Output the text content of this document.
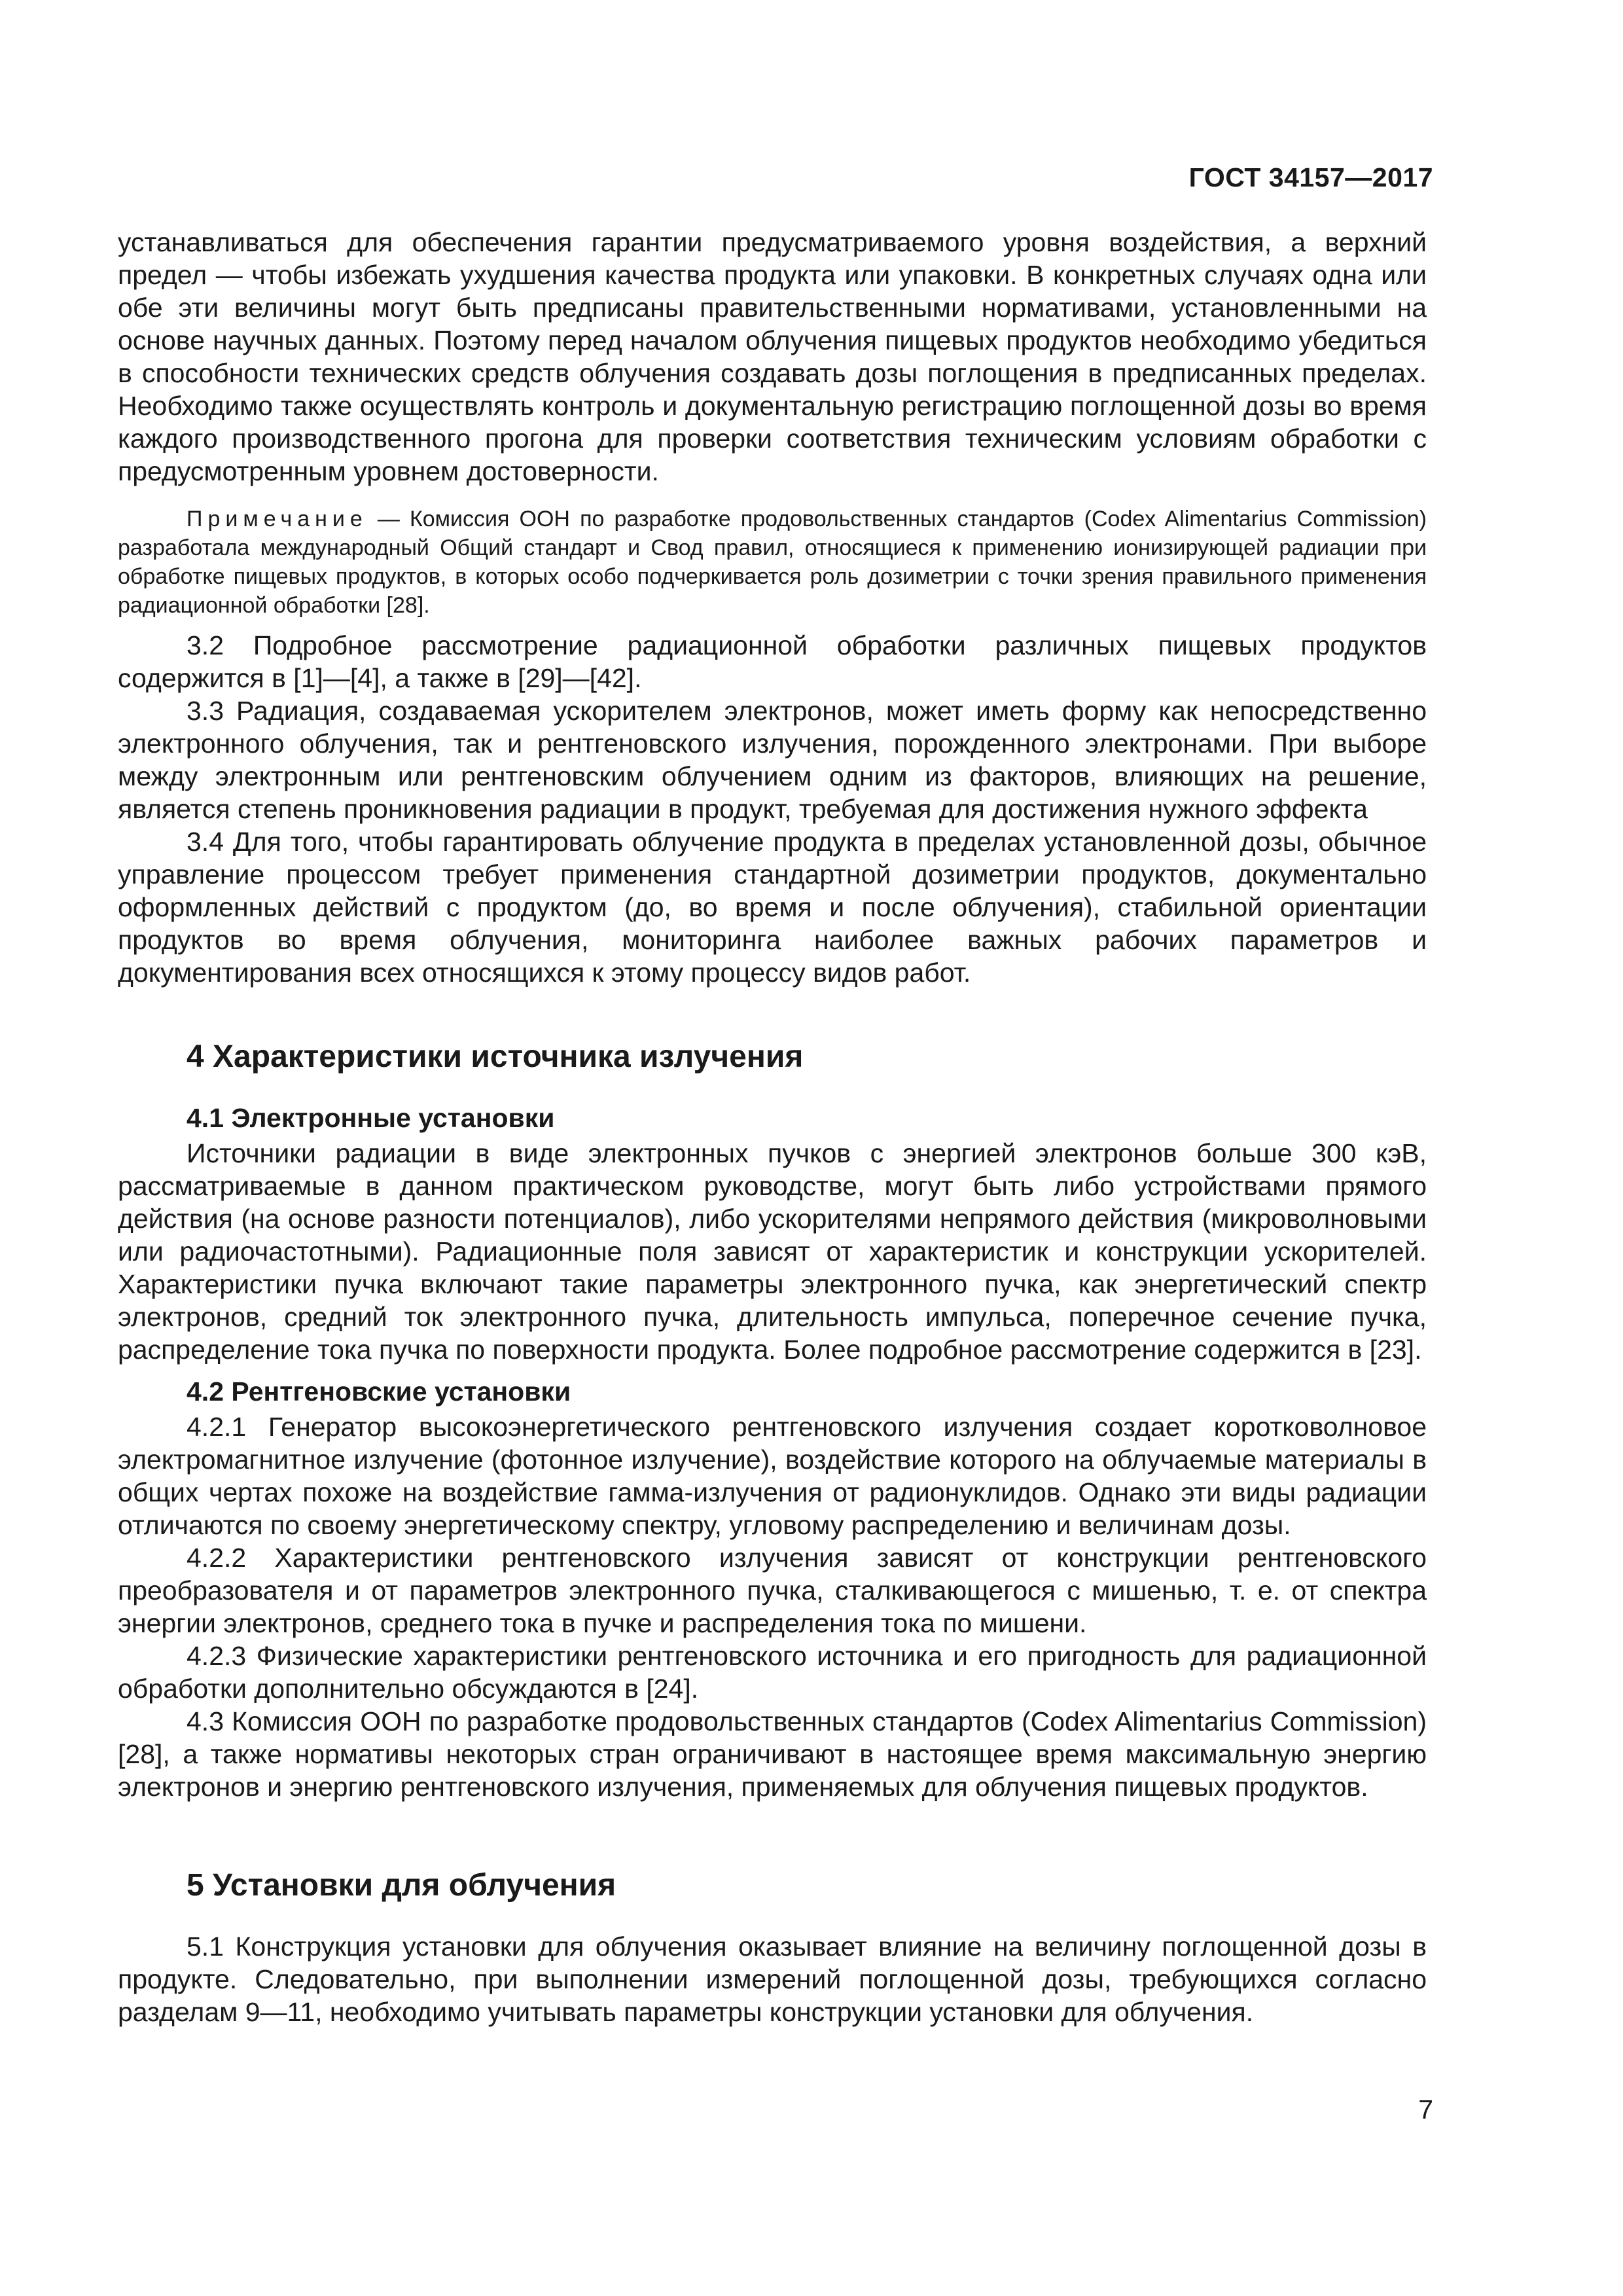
ГОСТ 34157—2017

устанавливаться для обеспечения гарантии предусматриваемого уровня воздействия, а верхний предел — чтобы избежать ухудшения качества продукта или упаковки. В конкретных случаях одна или обе эти величины могут быть предписаны правительственными нормативами, установленными на основе научных данных. Поэтому перед началом облучения пищевых продуктов необходимо убедиться в способности технических средств облучения создавать дозы поглощения в предписанных пределах. Необходимо также осуществлять контроль и документальную регистрацию поглощенной дозы во время каждого производственного прогона для проверки соответствия техническим условиям обработки с предусмотренным уровнем достоверности.

Примечание — Комиссия ООН по разработке продовольственных стандартов (Codex Alimentarius Commission) разработала международный Общий стандарт и Свод правил, относящиеся к применению ионизирующей радиации при обработке пищевых продуктов, в которых особо подчеркивается роль дозиметрии с точки зрения правильного применения радиационной обработки [28].

3.2 Подробное рассмотрение радиационной обработки различных пищевых продуктов содержится в [1]—[4], а также в [29]—[42].

3.3 Радиация, создаваемая ускорителем электронов, может иметь форму как непосредственно электронного облучения, так и рентгеновского излучения, порожденного электронами. При выборе между электронным или рентгеновским облучением одним из факторов, влияющих на решение, является степень проникновения радиации в продукт, требуемая для достижения нужного эффекта

3.4 Для того, чтобы гарантировать облучение продукта в пределах установленной дозы, обычное управление процессом требует применения стандартной дозиметрии продуктов, документально оформленных действий с продуктом (до, во время и после облучения), стабильной ориентации продуктов во время облучения, мониторинга наиболее важных рабочих параметров и документирования всех относящихся к этому процессу видов работ.

4 Характеристики источника излучения
4.1 Электронные установки

Источники радиации в виде электронных пучков с энергией электронов больше 300 кэВ, рассматриваемые в данном практическом руководстве, могут быть либо устройствами прямого действия (на основе разности потенциалов), либо ускорителями непрямого действия (микроволновыми или радиочастотными). Радиационные поля зависят от характеристик и конструкции ускорителей. Характеристики пучка включают такие параметры электронного пучка, как энергетический спектр электронов, средний ток электронного пучка, длительность импульса, поперечное сечение пучка, распределение тока пучка по поверхности продукта. Более подробное рассмотрение содержится в [23].

4.2 Рентгеновские установки

4.2.1 Генератор высокоэнергетического рентгеновского излучения создает коротковолновое электромагнитное излучение (фотонное излучение), воздействие которого на облучаемые материалы в общих чертах похоже на воздействие гамма-излучения от радионуклидов. Однако эти виды радиации отличаются по своему энергетическому спектру, угловому распределению и величинам дозы.

4.2.2 Характеристики рентгеновского излучения зависят от конструкции рентгеновского преобразователя и от параметров электронного пучка, сталкивающегося с мишенью, т. е. от спектра энергии электронов, среднего тока в пучке и распределения тока по мишени.

4.2.3 Физические характеристики рентгеновского источника и его пригодность для радиационной обработки дополнительно обсуждаются в [24].

4.3 Комиссия ООН по разработке продовольственных стандартов (Codex Alimentarius Commission) [28], а также нормативы некоторых стран ограничивают в настоящее время максимальную энергию электронов и энергию рентгеновского излучения, применяемых для облучения пищевых продуктов.

5 Установки для облучения

5.1 Конструкция установки для облучения оказывает влияние на величину поглощенной дозы в продукте. Следовательно, при выполнении измерений поглощенной дозы, требующихся согласно разделам 9—11, необходимо учитывать параметры конструкции установки для облучения.

7
